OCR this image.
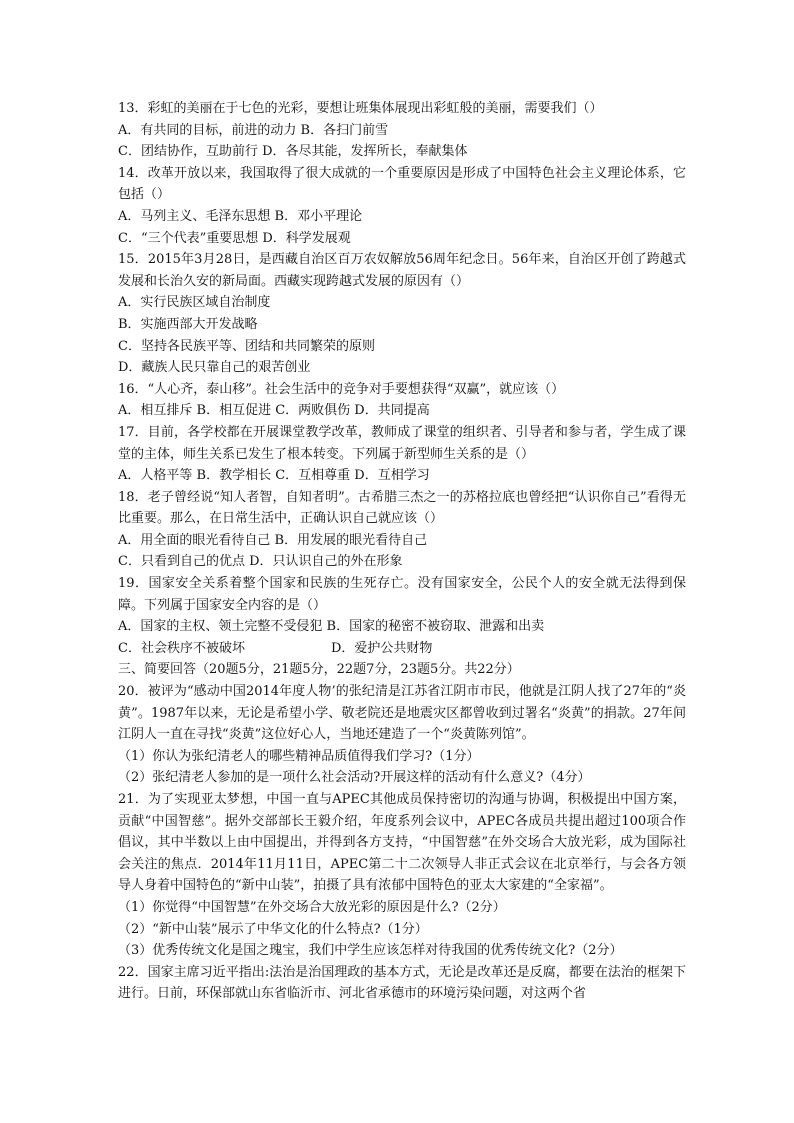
13．彩虹的美丽在于七色的光彩，要想让班集体展现出彩虹般的美丽，需要我们（）
A．有共同的目标，前进的动力 B．各扫门前雪
C．团结协作，互助前行 D．各尽其能，发挥所长，奉献集体
14．改革开放以来，我国取得了很大成就的一个重要原因是形成了中国特色社会主义理论体系，它包括（）
A．马列主义、毛泽东思想 B．邓小平理论
C．“三个代表”重要思想 D．科学发展观
15．2015年3月28日，是西藏自治区百万农奴解放56周年纪念日。56年来，自治区开创了跨越式发展和长治久安的新局面。西藏实现跨越式发展的原因有（）
A．实行民族区域自治制度
B．实施西部大开发战略
C．坚持各民族平等、团结和共同繁荣的原则
D．藏族人民只靠自己的艰苦创业
16．“人心齐，泰山移”。社会生活中的竞争对手要想获得“双赢”，就应该（）
A．相互排斥 B．相互促进 C．两败俱伤 D．共同提高
17．目前，各学校都在开展课堂教学改革，教师成了课堂的组织者、引导者和参与者，学生成了课堂的主体，师生关系已发生了根本转变。下列属于新型师生关系的是（）
A．人格平等 B．教学相长 C．互相尊重 D．互相学习
18．老子曾经说“知人者智，自知者明”。古希腊三杰之一的苏格拉底也曾经把“认识你自己”看得无比重要。那么，在日常生活中，正确认识自己就应该（）
A．用全面的眼光看待自己 B．用发展的眼光看待自己
C．只看到自己的优点 D．只认识自己的外在形象
19．国家安全关系着整个国家和民族的生死存亡。没有国家安全，公民个人的安全就无法得到保障。下列属于国家安全内容的是（）
A．国家的主权、领土完整不受侵犯 B．国家的秘密不被窃取、泄露和出卖
C．社会秩序不被破坏	D．爱护公共财物
三、简要回答（20题5分，21题5分，22题7分，23题5分。共22分）
20．被评为“感动中国2014年度人物’的张纪清是江苏省江阴市市民，他就是江阴人找了27年的“炎黄”。1987年以来，无论是希望小学、敬老院还是地震灾区都曾收到过署名“炎黄”的捐款。27年间江阴人一直在寻找“炎黄”这位好心人，当地还建造了一个“炎黄陈列馆”。
（1）你认为张纪清老人的哪些精神品质值得我们学习?（1分）
（2）张纪清老人参加的是一项什么社会活动?开展这样的活动有什么意义?（4分）
21．为了实现亚太梦想，中国一直与APEC其他成员保持密切的沟通与协调，积极提出中国方案，贡献“中国智慈”。据外交部部长王毅介绍，年度系列会议中，APEC各成员共提出超过100项合作倡议，其中半数以上由中国提出，并得到各方支持，“中国智慈”在外交场合大放光彩，成为国际社会关注的焦点．2014年11月11日，APEC第二十二次领导人非正式会议在北京举行，与会各方领导人身着中国特色的“新中山装”，拍摄了具有浓郁中国特色的亚太大家建的“全家福”。
（1）你觉得“中国智慧”在外交场合大放光彩的原因是什么?（2分）
（2）“新中山装”展示了中华文化的什么特点?（1分）
（3）优秀传统文化是国之瑰宝，我们中学生应该怎样对待我国的优秀传统文化?（2分）
22．国家主席习近平指出:法治是治国理政的基本方式，无论是改革还是反腐，都要在法治的框架下进行。日前，环保部就山东省临沂市、河北省承德市的环境污染问题，对这两个省
